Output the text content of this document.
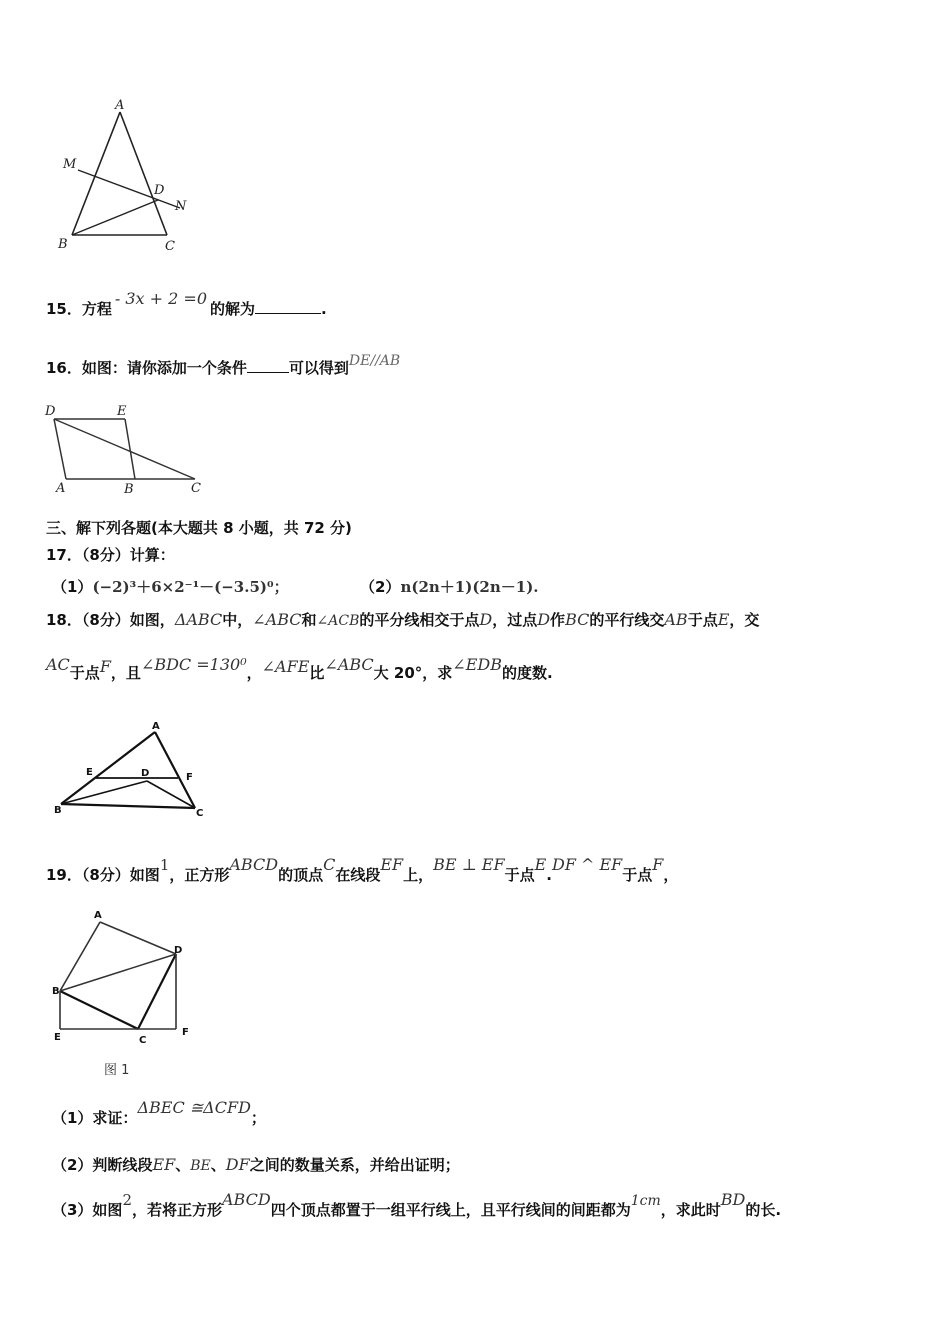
A
M
D
N
B	C
15．方程- 3x + 2 =0的解为	.
16．如图：请你添加一个条件	可以得到DE//AB
D	E
A	B	C
三、解下列各题(本大题共 8 小题，共 72 分)
17．（8分）计算：
（1）(−2)³＋6×2⁻¹－(−3.5)⁰；	（2）n(2n＋1)(2n－1).
18．（8分）如图，ΔABC中，∠ABC和∠ACB的平分线相交于点D，过点D作BC的平行线交AB于点E，交
AC于点F，且∠BDC =130⁰，∠AFE比∠ABC大 20°，求∠EDB的度数.
A
E	D	F
B	C
19．（8分）如图1，正方形ABCD的顶点C在线段EF上，BE ⊥ EF于点E.DF ^ EF于点F，
A
D
B
E	C
F
图 1
（1）求证：ΔBEC ≅ΔCFD；
（2）判断线段EF、BE、DF之间的数量关系，并给出证明；
（3）如图2，若将正方形ABCD四个顶点都置于一组平行线上，且平行线间的间距都为1cm，求此时BD的长.
